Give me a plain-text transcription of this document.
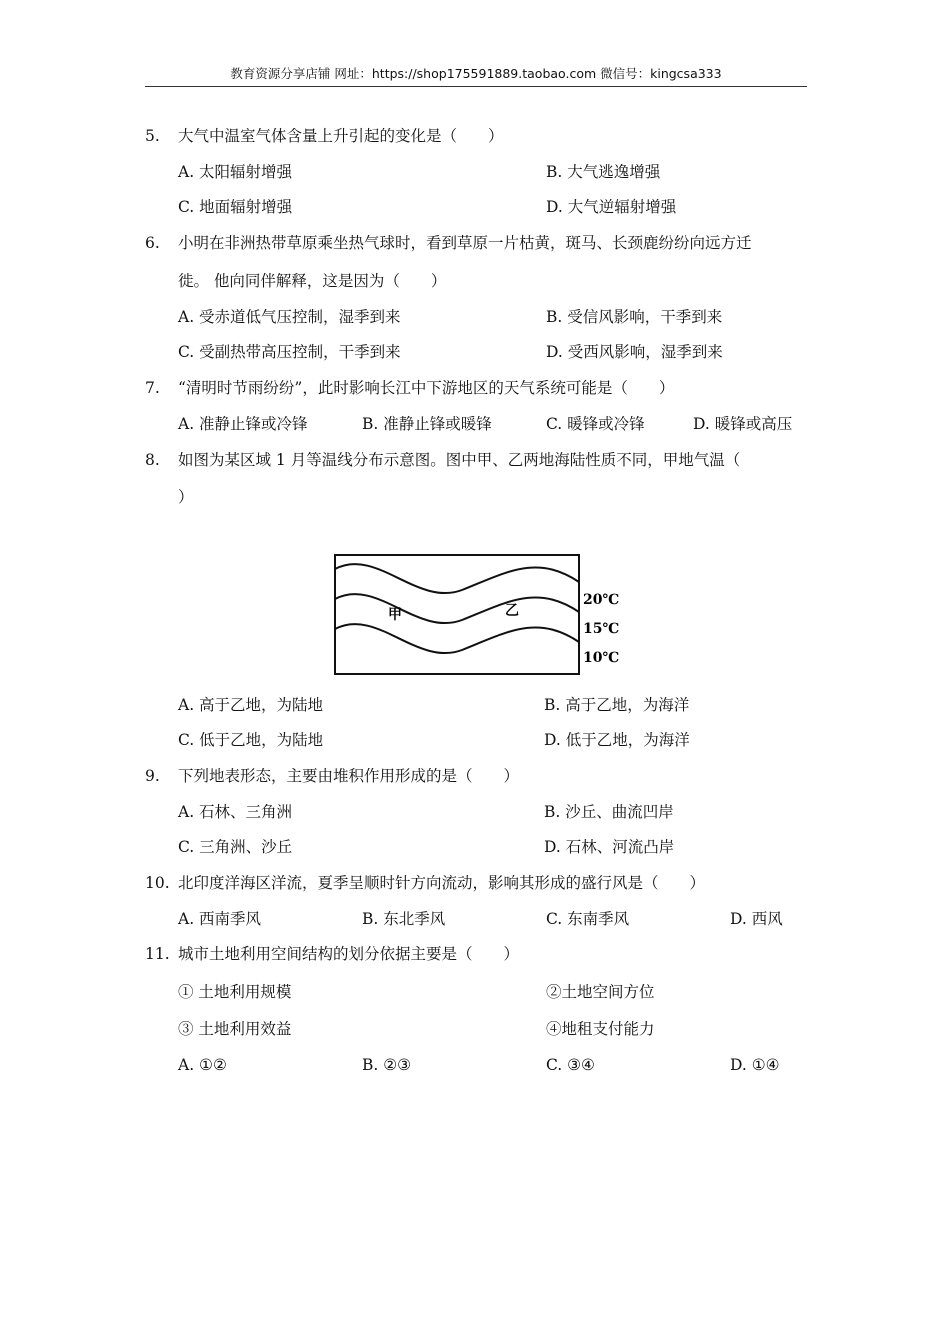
教育资源分享店铺 网址：https://shop175591889.taobao.com 微信号：kingcsa333
5. 大气中温室气体含量上升引起的变化是（　　）
A. 太阳辐射增强	B. 大气逃逸增强
C. 地面辐射增强	D. 大气逆辐射增强
6. 小明在非洲热带草原乘坐热气球时，看到草原一片枯黄，斑马、长颈鹿纷纷向远方迁
徙。 他向同伴解释，这是因为（　　）
A. 受赤道低气压控制，湿季到来	B. 受信风影响，干季到来
C. 受副热带高压控制，干季到来	D. 受西风影响，湿季到来
7. “清明时节雨纷纷”，此时影响长江中下游地区的天气系统可能是（　　）
A. 准静止锋或冷锋	B. 准静止锋或暖锋	C. 暖锋或冷锋	D. 暖锋或高压
8. 如图为某区域 1 月等温线分布示意图。图中甲、乙两地海陆性质不同，甲地气温（
）
甲	乙
20℃
15℃
10℃
A. 高于乙地，为陆地	B. 高于乙地，为海洋
C. 低于乙地，为陆地	D. 低于乙地，为海洋
9. 下列地表形态，主要由堆积作用形成的是（　　）
A. 石林、三角洲	B. 沙丘、曲流凹岸
C. 三角洲、沙丘	D. 石林、河流凸岸
10. 北印度洋海区洋流，夏季呈顺时针方向流动，影响其形成的盛行风是（　　）
A. 西南季风	B. 东北季风	C. 东南季风	D. 西风
11. 城市土地利用空间结构的划分依据主要是（　　）
① 土地利用规模	②土地空间方位
③ 土地利用效益	④地租支付能力
A. ①②	B. ②③	C. ③④	D. ①④
